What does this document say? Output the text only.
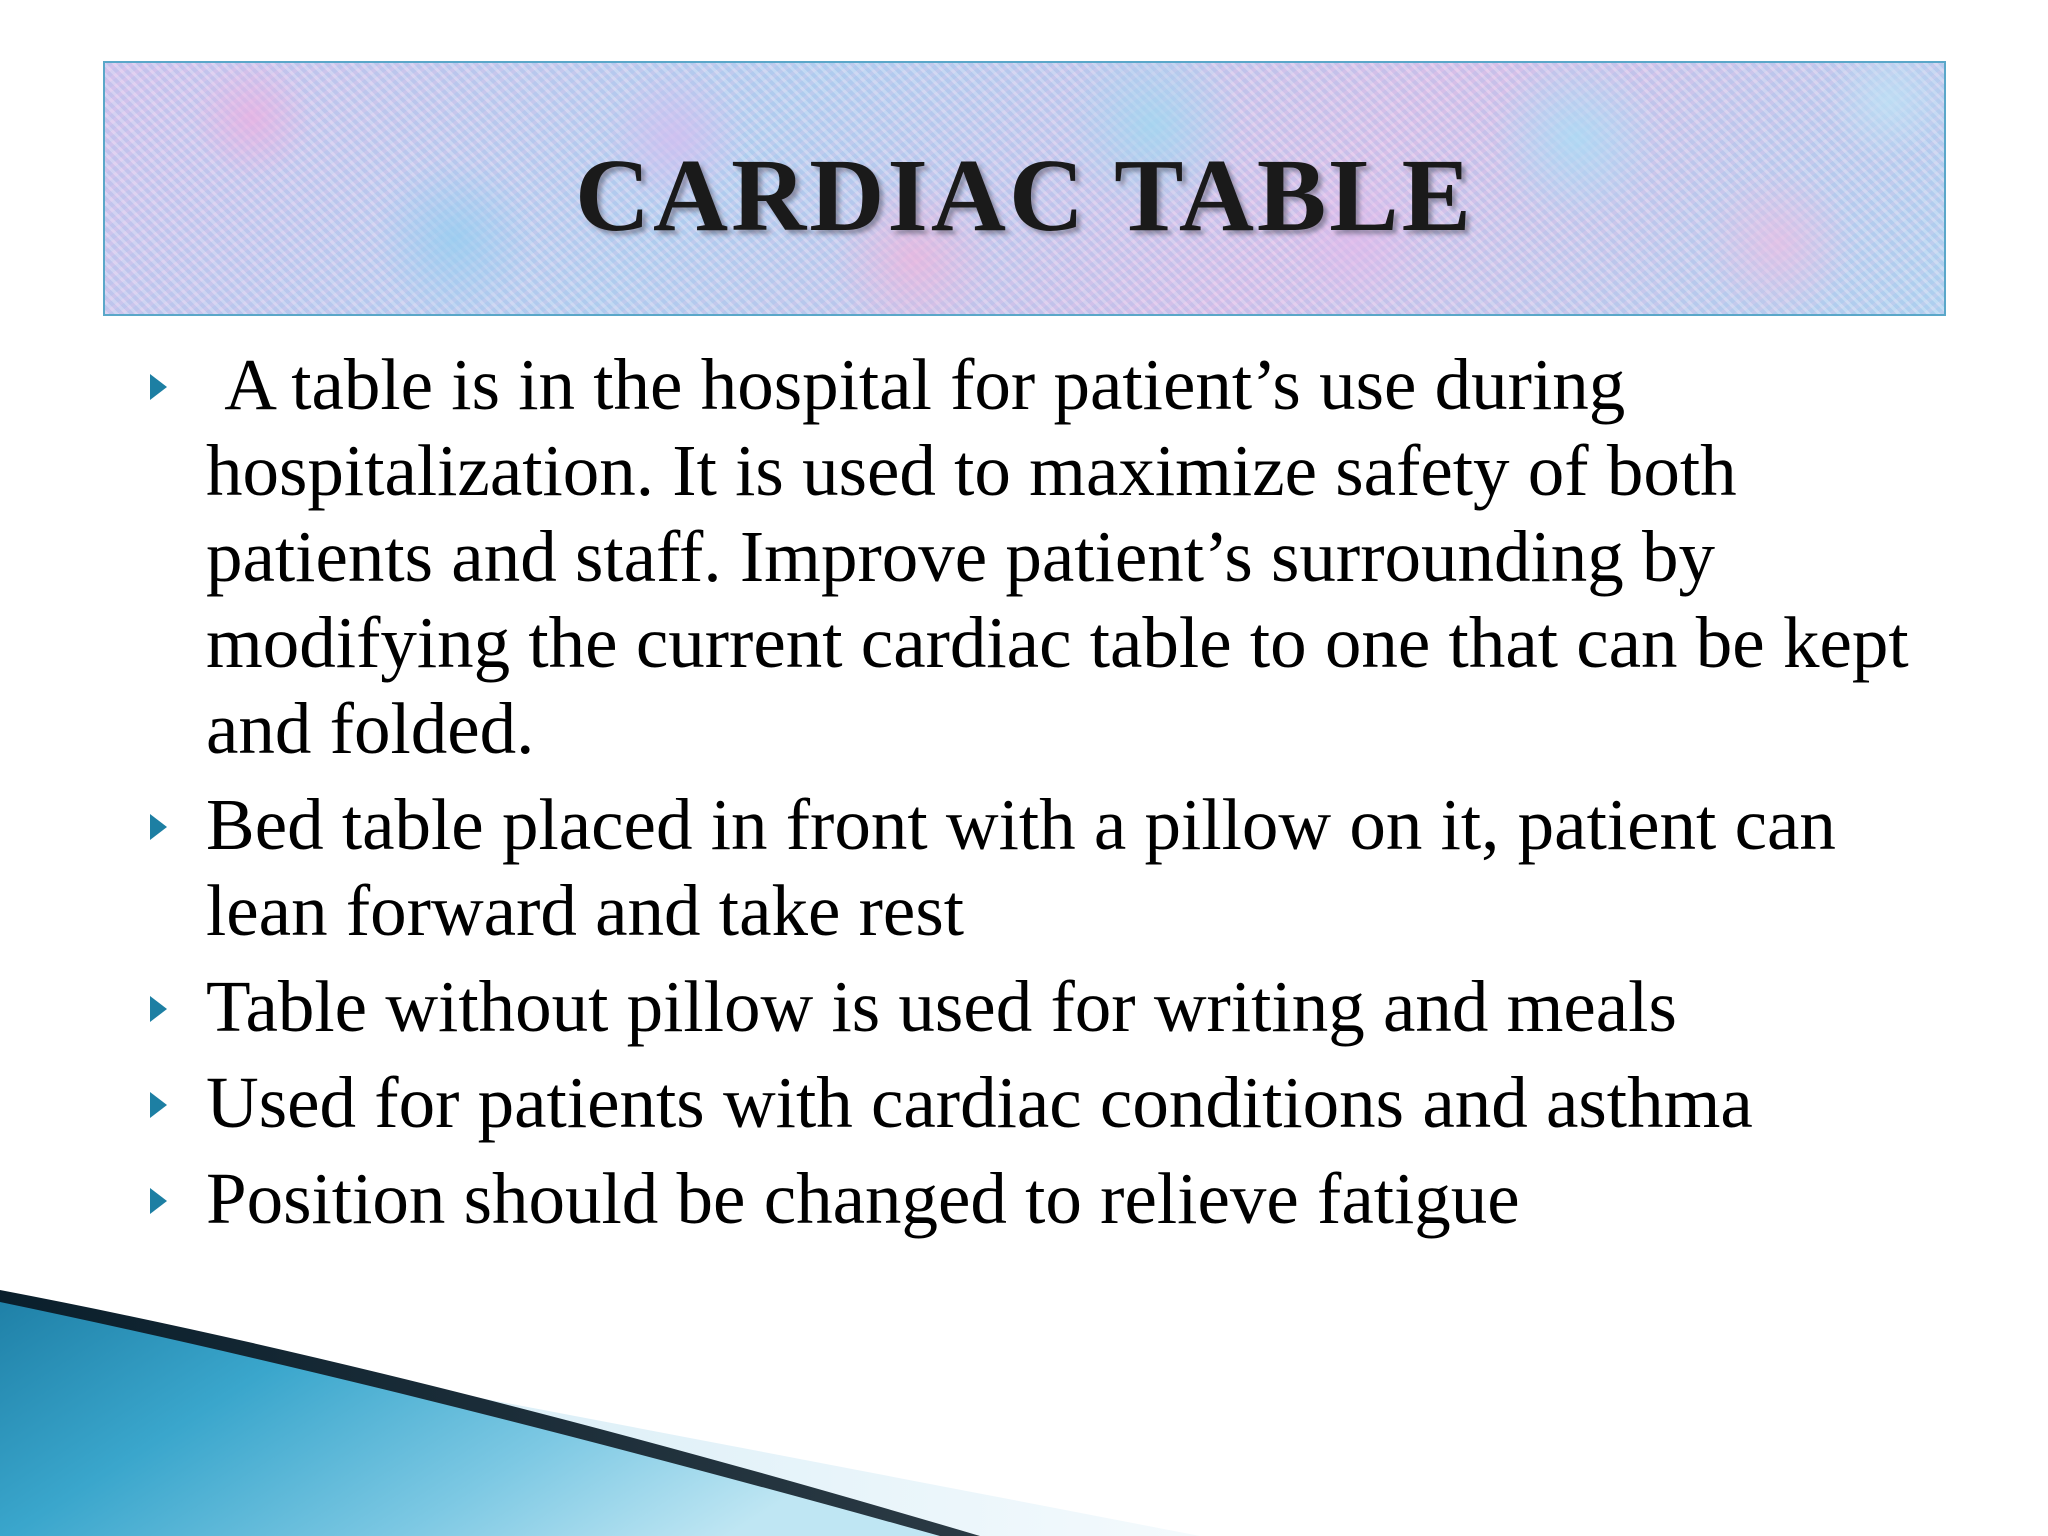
CARDIAC TABLE
A table is in the hospital for patient’s use during hospitalization. It is used to maximize safety of both patients and staff. Improve patient’s surrounding by modifying the current cardiac table to one that can be kept and folded.
Bed table placed in front with a pillow on it, patient can lean forward and take rest
Table without pillow is used for writing and meals
Used for patients with cardiac conditions and asthma
Position should be changed to relieve fatigue
